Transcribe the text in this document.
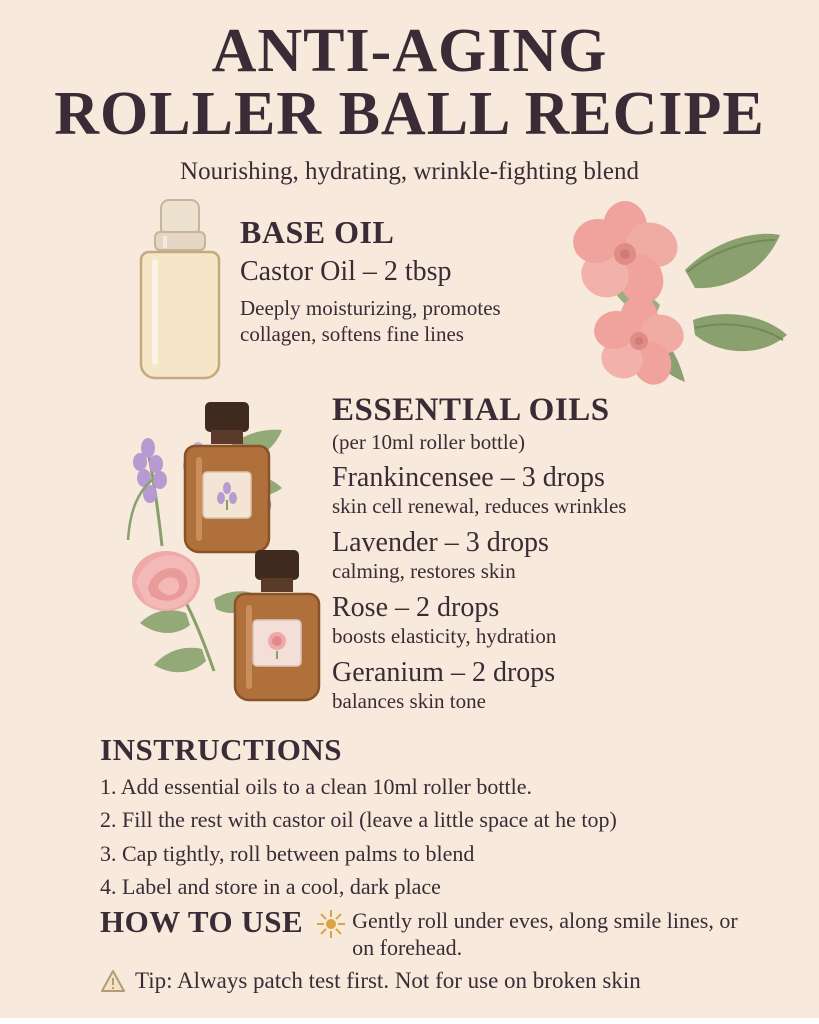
ANTI-AGING
ROLLER BALL RECIPE
Nourishing, hydrating, wrinkle-fighting blend
BASE OIL
Castor Oil – 2 tbsp
Deeply moisturizing, promotes collagen, softens fine lines
ESSENTIAL OILS
(per 10ml roller bottle)
Frankincensee – 3 drops
skin cell renewal, reduces wrinkles
Lavender – 3 drops
calming, restores skin
Rose – 2 drops
boosts elasticity, hydration
Geranium – 2 drops
balances skin tone
INSTRUCTIONS
1. Add essential oils to a clean 10ml roller bottle.
2. Fill the rest with castor oil (leave a little space at he top)
3. Cap tightly, roll between palms to blend
4. Label and store in a cool, dark place
HOW TO USE	Gently roll under eves, along smile lines, or on forehead.
Tip: Always patch test first. Not for use on broken skin
